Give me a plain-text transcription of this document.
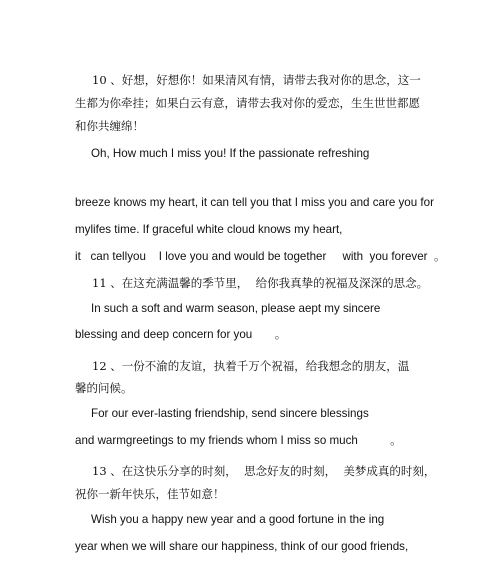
10 、好想，好想你！如果清风有情，请带去我对你的思念，这一
生都为你牵挂；如果白云有意，请带去我对你的爱恋，生生世世都愿
和你共缠绵！
Oh, How much I miss you! If the passionate refreshing
breeze knows my heart, it can tell you that I miss you and care you for
mylifes time. If graceful white cloud knows my heart,
it   can tellyou    I love you and would be together     with  you forever  。
11 、在这充满温馨的季节里，  给你我真挚的祝福及深深的思念。
In such a soft and warm season, please aept my sincere
blessing and deep concern for you       。
12 、一份不渝的友谊，执着千万个祝福，给我想念的朋友，温
馨的问候。
For our ever-lasting friendship, send sincere blessings
and warmgreetings to my friends whom I miss so much          。
13 、在这快乐分享的时刻，  思念好友的时刻，  美梦成真的时刻，
祝你一新年快乐，佳节如意！
Wish you a happy new year and a good fortune in the ing
year when we will share our happiness, think of our good friends,
